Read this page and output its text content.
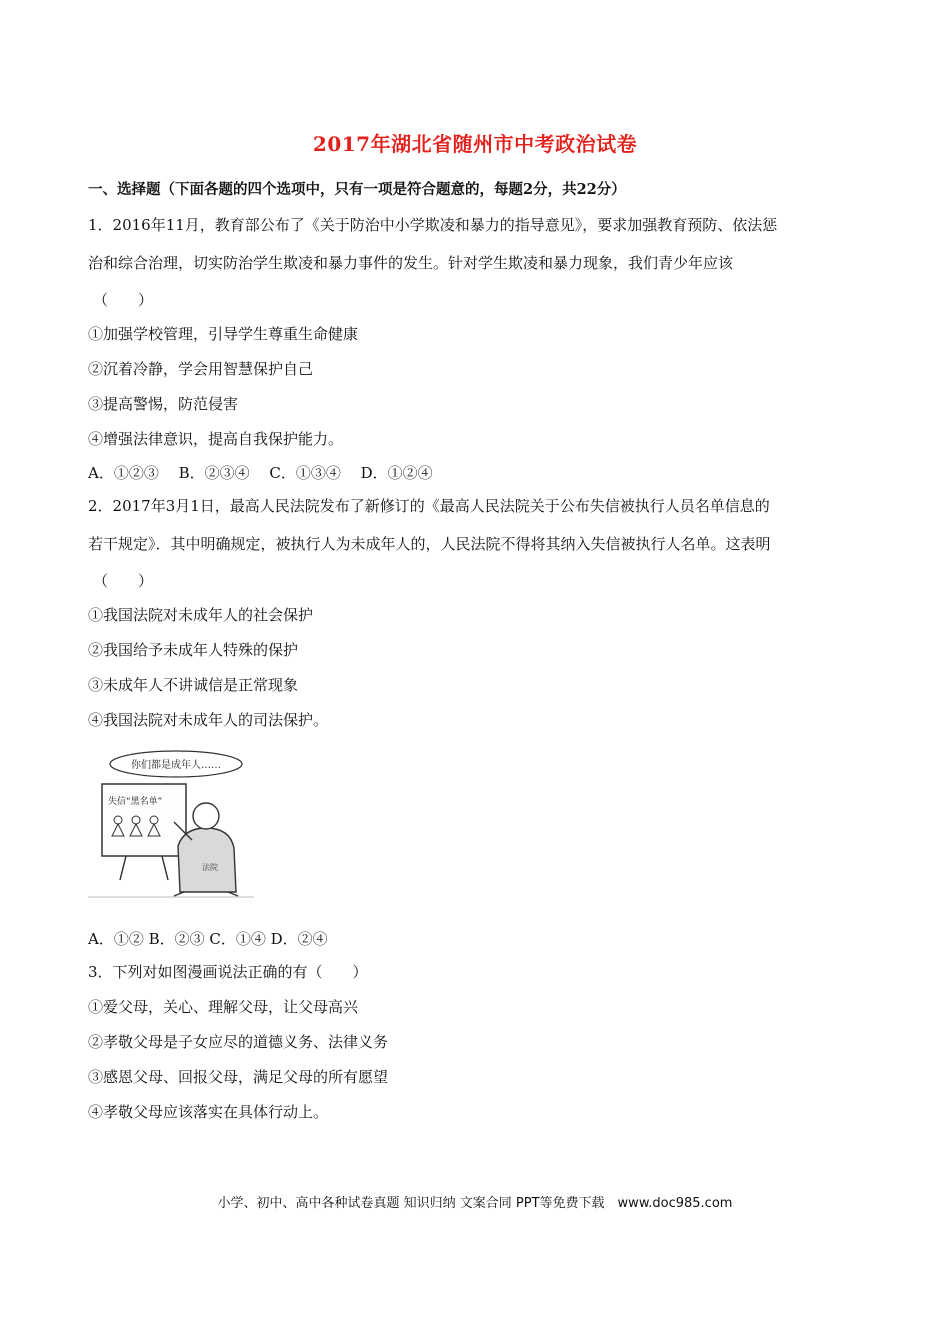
2017年湖北省随州市中考政治试卷
一、选择题（下面各题的四个选项中，只有一项是符合题意的，每题2分，共22分）
1．2016年11月，教育部公布了《关于防治中小学欺凌和暴力的指导意见》，要求加强教育预防、依法惩
治和综合治理，切实防治学生欺凌和暴力事件的发生。针对学生欺凌和暴力现象，我们青少年应该
（　　）
①加强学校管理，引导学生尊重生命健康
②沉着冷静，学会用智慧保护自己
③提高警惕，防范侵害
④增强法律意识，提高自我保护能力。
A．①②③　 B．②③④　 C．①③④　 D．①②④
2．2017年3月1日，最高人民法院发布了新修订的《最高人民法院关于公布失信被执行人员名单信息的
若干规定》．其中明确规定，被执行人为未成年人的，人民法院不得将其纳入失信被执行人名单。这表明
（　　）
①我国法院对未成年人的社会保护
②我国给予未成年人特殊的保护
③未成年人不讲诚信是正常现象
④我国法院对未成年人的司法保护。
你们都是成年人……
失信“黑名单”
法院
A．①② B．②③ C．①④ D．②④
3．下列对如图漫画说法正确的有（　　）
①爱父母，关心、理解父母，让父母高兴
②孝敬父母是子女应尽的道德义务、法律义务
③感恩父母、回报父母，满足父母的所有愿望
④孝敬父母应该落实在具体行动上。
小学、初中、高中各种试卷真题 知识归纳 文案合同 PPT等免费下载　www.doc985.com
